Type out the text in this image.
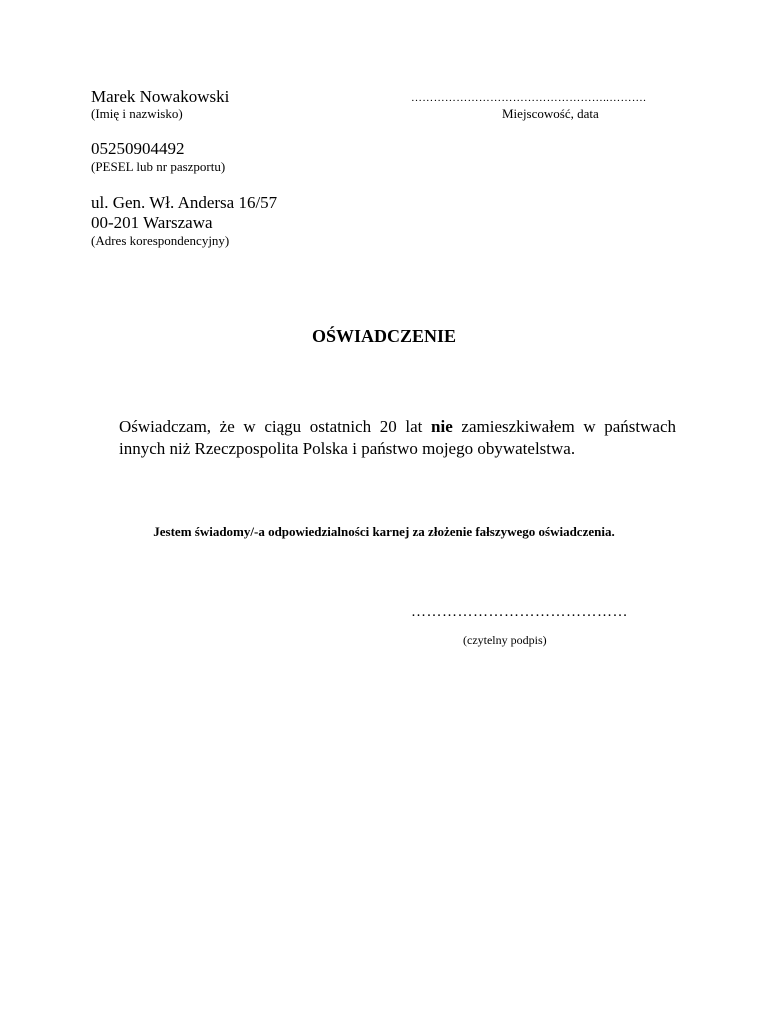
Marek Nowakowski
(Imię i nazwisko)
……………………………………………..……….
Miejscowość, data
05250904492
(PESEL lub nr paszportu)
ul. Gen. Wł. Andersa 16/57
00-201 Warszawa
(Adres korespondencyjny)
OŚWIADCZENIE
Oświadczam, że w ciągu ostatnich 20 lat nie zamieszkiwałem w państwach innych niż Rzeczpospolita Polska i państwo mojego obywatelstwa.
Jestem świadomy/-a odpowiedzialności karnej za złożenie fałszywego oświadczenia.
……………………………………
(czytelny podpis)
